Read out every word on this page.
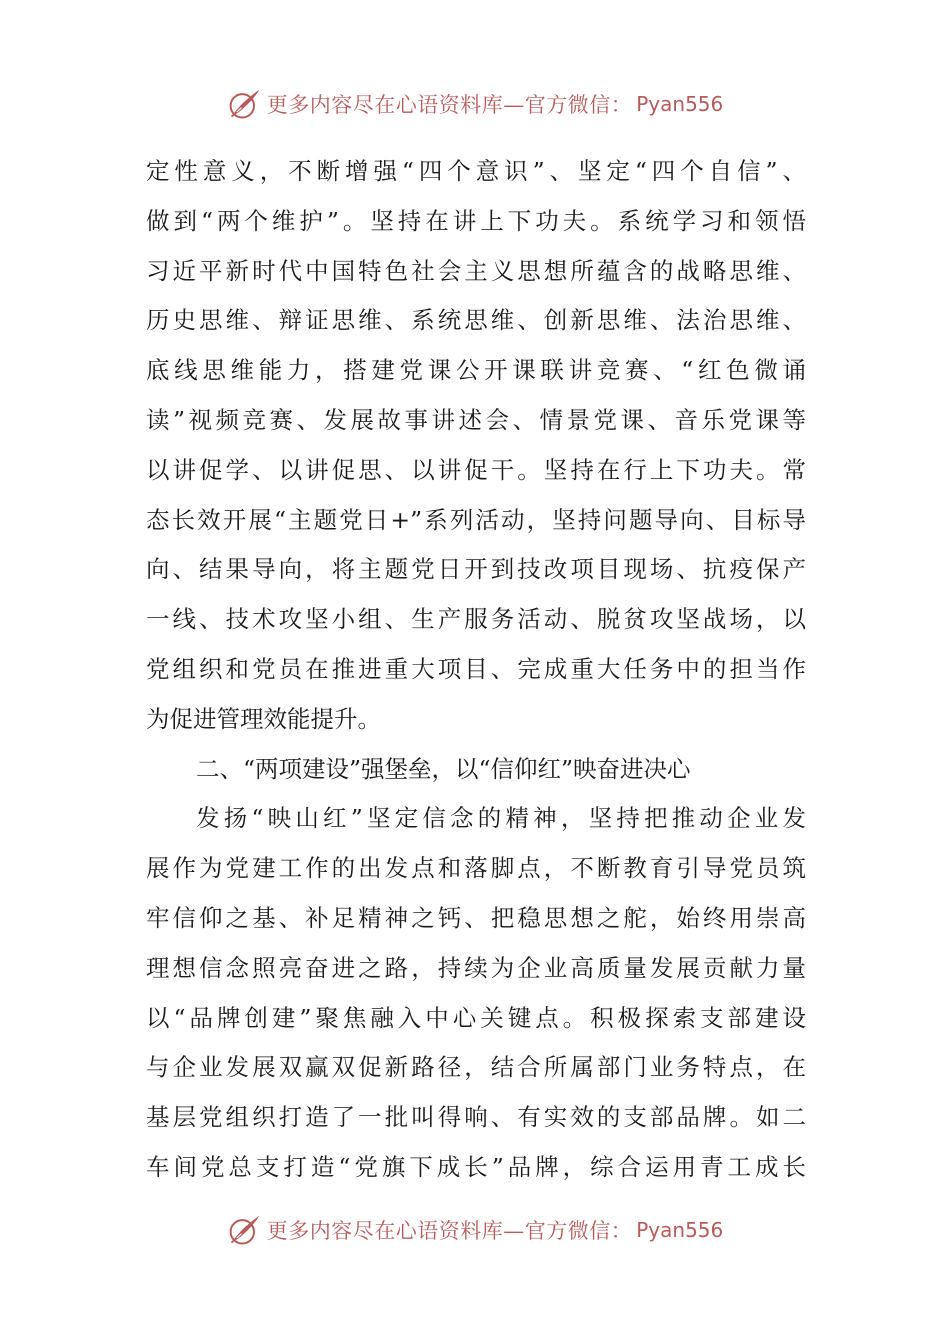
更多内容尽在心语资料库—官方微信： Pyan556
定性意义，不断增强“四个意识”、坚定“四个自信”、
做到“两个维护”。坚持在讲上下功夫。系统学习和领悟
习近平新时代中国特色社会主义思想所蕴含的战略思维、
历史思维、辩证思维、系统思维、创新思维、法治思维、
底线思维能力，搭建党课公开课联讲竞赛、“红色微诵
读”视频竞赛、发展故事讲述会、情景党课、音乐党课等
以讲促学、以讲促思、以讲促干。坚持在行上下功夫。常
态长效开展“主题党日+”系列活动，坚持问题导向、目标导
向、结果导向，将主题党日开到技改项目现场、抗疫保产
一线、技术攻坚小组、生产服务活动、脱贫攻坚战场，以
党组织和党员在推进重大项目、完成重大任务中的担当作
为促进管理效能提升。
二、“两项建设”强堡垒，以“信仰红”映奋进决心
发扬“映山红”坚定信念的精神，坚持把推动企业发
展作为党建工作的出发点和落脚点，不断教育引导党员筑
牢信仰之基、补足精神之钙、把稳思想之舵，始终用崇高
理想信念照亮奋进之路，持续为企业高质量发展贡献力量
以“品牌创建”聚焦融入中心关键点。积极探索支部建设
与企业发展双赢双促新路径，结合所属部门业务特点，在
基层党组织打造了一批叫得响、有实效的支部品牌。如二
车间党总支打造“党旗下成长”品牌，综合运用青工成长
更多内容尽在心语资料库—官方微信： Pyan556
